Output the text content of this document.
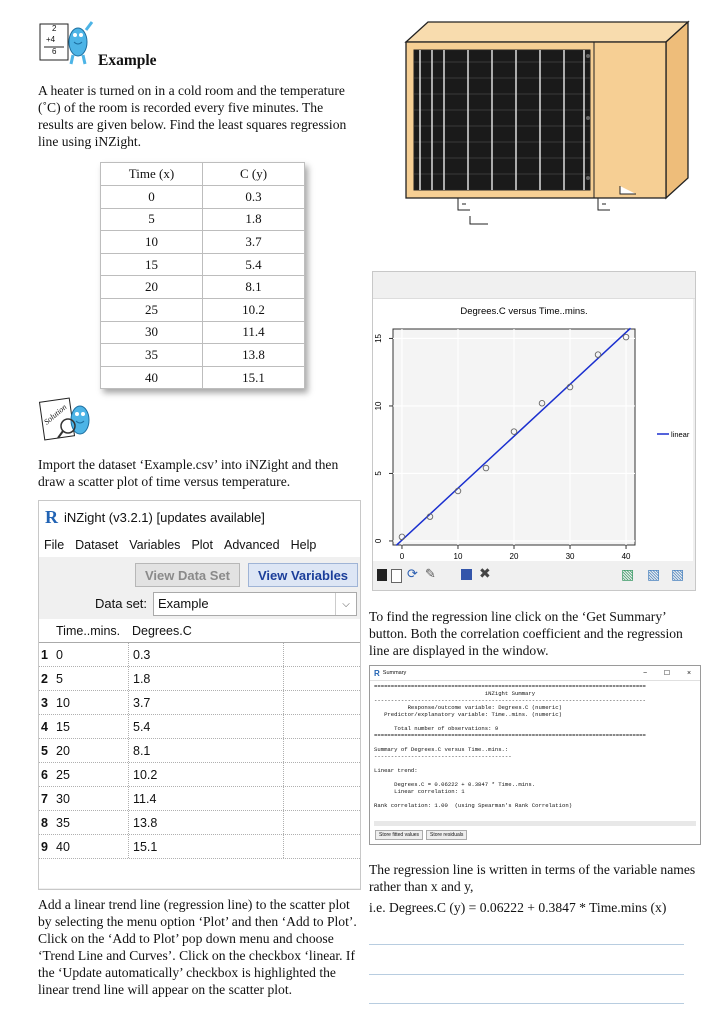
2
+4
6
Example

A heater is turned on in a cold room and the temperature (˚C) of the room is recorded every five minutes. The results are given below. Find the least squares regression line using iNZight.

Time (x)	C (y)
0	0.3
5	1.8
10	3.7
15	5.4
20	8.1
25	10.2
30	11.4
35	13.8
40	15.1
Solution

Import the dataset ‘Example.csv’ into iNZight and then draw a scatter plot of time versus temperature.

R iNZight (v3.2.1) [updates available]
File Dataset Variables Plot Advanced Help
View Data Set	View Variables
Data set: Example	⌵
Time..mins. Degrees.C
1 0	0.3
2 5	1.8
3 10	3.7
4 15	5.4
5 20	8.1
6 25	10.2
7 30	11.4
8 35	13.8
9 40	15.1

Add a linear trend line (regression line) to the scatter plot by selecting the menu option ‘Plot’ and then ‘Add to Plot’. Click on the ‘Add to Plot’ pop down menu and choose ‘Trend Line and Curves’. Click on the checkbox ‘linear. If the ‘Update automatically’ checkbox is highlighted the linear trend line will appear on the scatter plot.

Degrees.C versus Time..mins.
0	10	20	30	40
0
5
10
15
linear
⟳ ✎	✖	▧ ▧ ▧

To find the regression line click on the ‘Get Summary’ button. Both the correlation coefficient and the regression line are displayed in the window.

R Summary	−	☐	×
=================================================================================
iNZight Summary
---------------------------------------------------------------------------------
Response/outcome variable: Degrees.C (numeric)
Predictor/explanatory variable: Time..mins. (numeric)
Total number of observations: 9
=================================================================================
Summary of Degrees.C versus Time..mins.:
-----------------------------------------
Linear trend:
Degrees.C = 0.06222 + 0.3847 * Time..mins.
Linear correlation: 1
Rank correlation: 1.00  (using Spearman's Rank Correlation)
Store fitted values	Store residuals

The regression line is written in terms of the variable names rather than x and y,

i.e. Degrees.C (y) = 0.06222 + 0.3847 * Time.mins (x)
